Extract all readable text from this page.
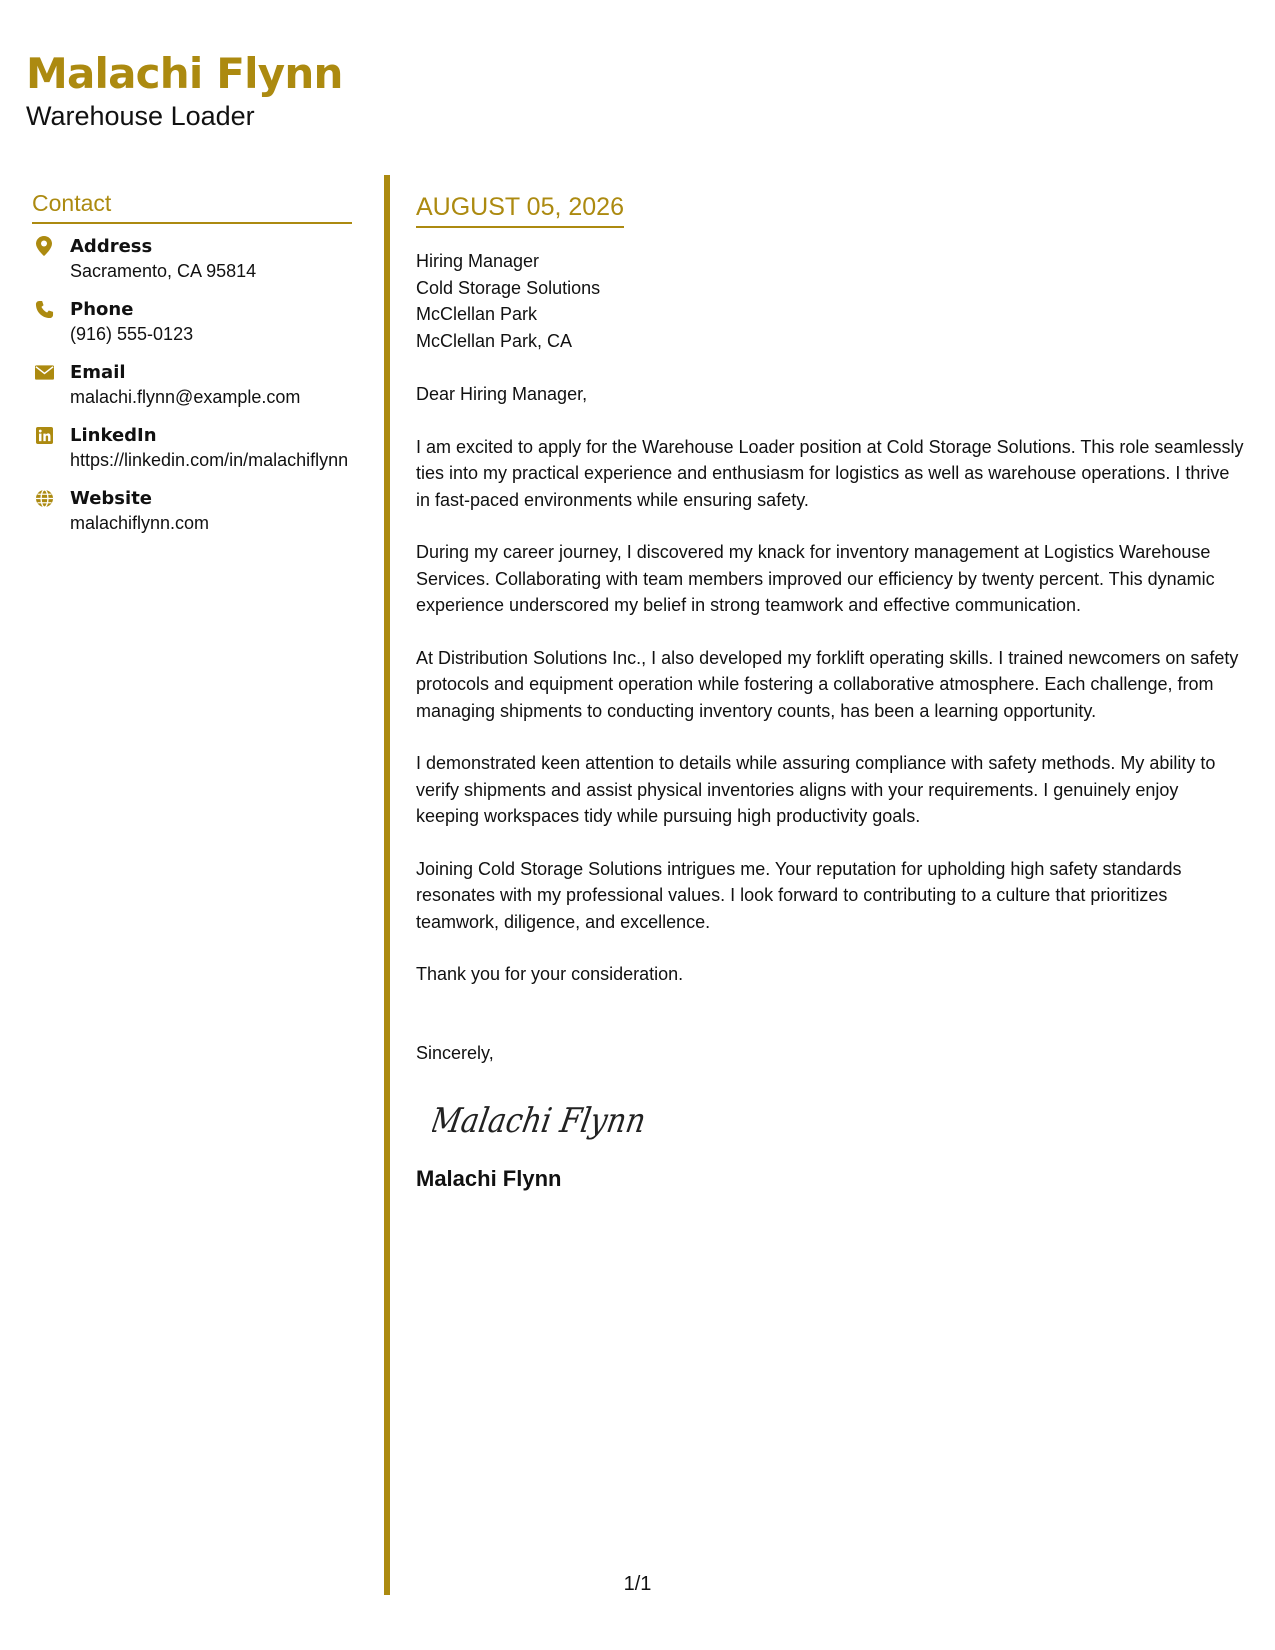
Malachi Flynn
Warehouse Loader
Contact
Address
Sacramento, CA 95814
Phone
(916) 555-0123
Email
malachi.flynn@example.com
LinkedIn
https://linkedin.com/in/malachiflynn
Website
malachiflynn.com
AUGUST 05, 2026
Hiring Manager
Cold Storage Solutions
McClellan Park
McClellan Park, CA
Dear Hiring Manager,
I am excited to apply for the Warehouse Loader position at Cold Storage Solutions. This role seamlessly ties into my practical experience and enthusiasm for logistics as well as warehouse operations. I thrive in fast-paced environments while ensuring safety.
During my career journey, I discovered my knack for inventory management at Logistics Warehouse Services. Collaborating with team members improved our efficiency by twenty percent. This dynamic experience underscored my belief in strong teamwork and effective communication.
At Distribution Solutions Inc., I also developed my forklift operating skills. I trained newcomers on safety protocols and equipment operation while fostering a collaborative atmosphere. Each challenge, from managing shipments to conducting inventory counts, has been a learning opportunity.
I demonstrated keen attention to details while assuring compliance with safety methods. My ability to verify shipments and assist physical inventories aligns with your requirements. I genuinely enjoy keeping workspaces tidy while pursuing high productivity goals.
Joining Cold Storage Solutions intrigues me. Your reputation for upholding high safety standards resonates with my professional values. I look forward to contributing to a culture that prioritizes teamwork, diligence, and excellence.
Thank you for your consideration.
Sincerely,
Malachi Flynn
Malachi Flynn
1/1
